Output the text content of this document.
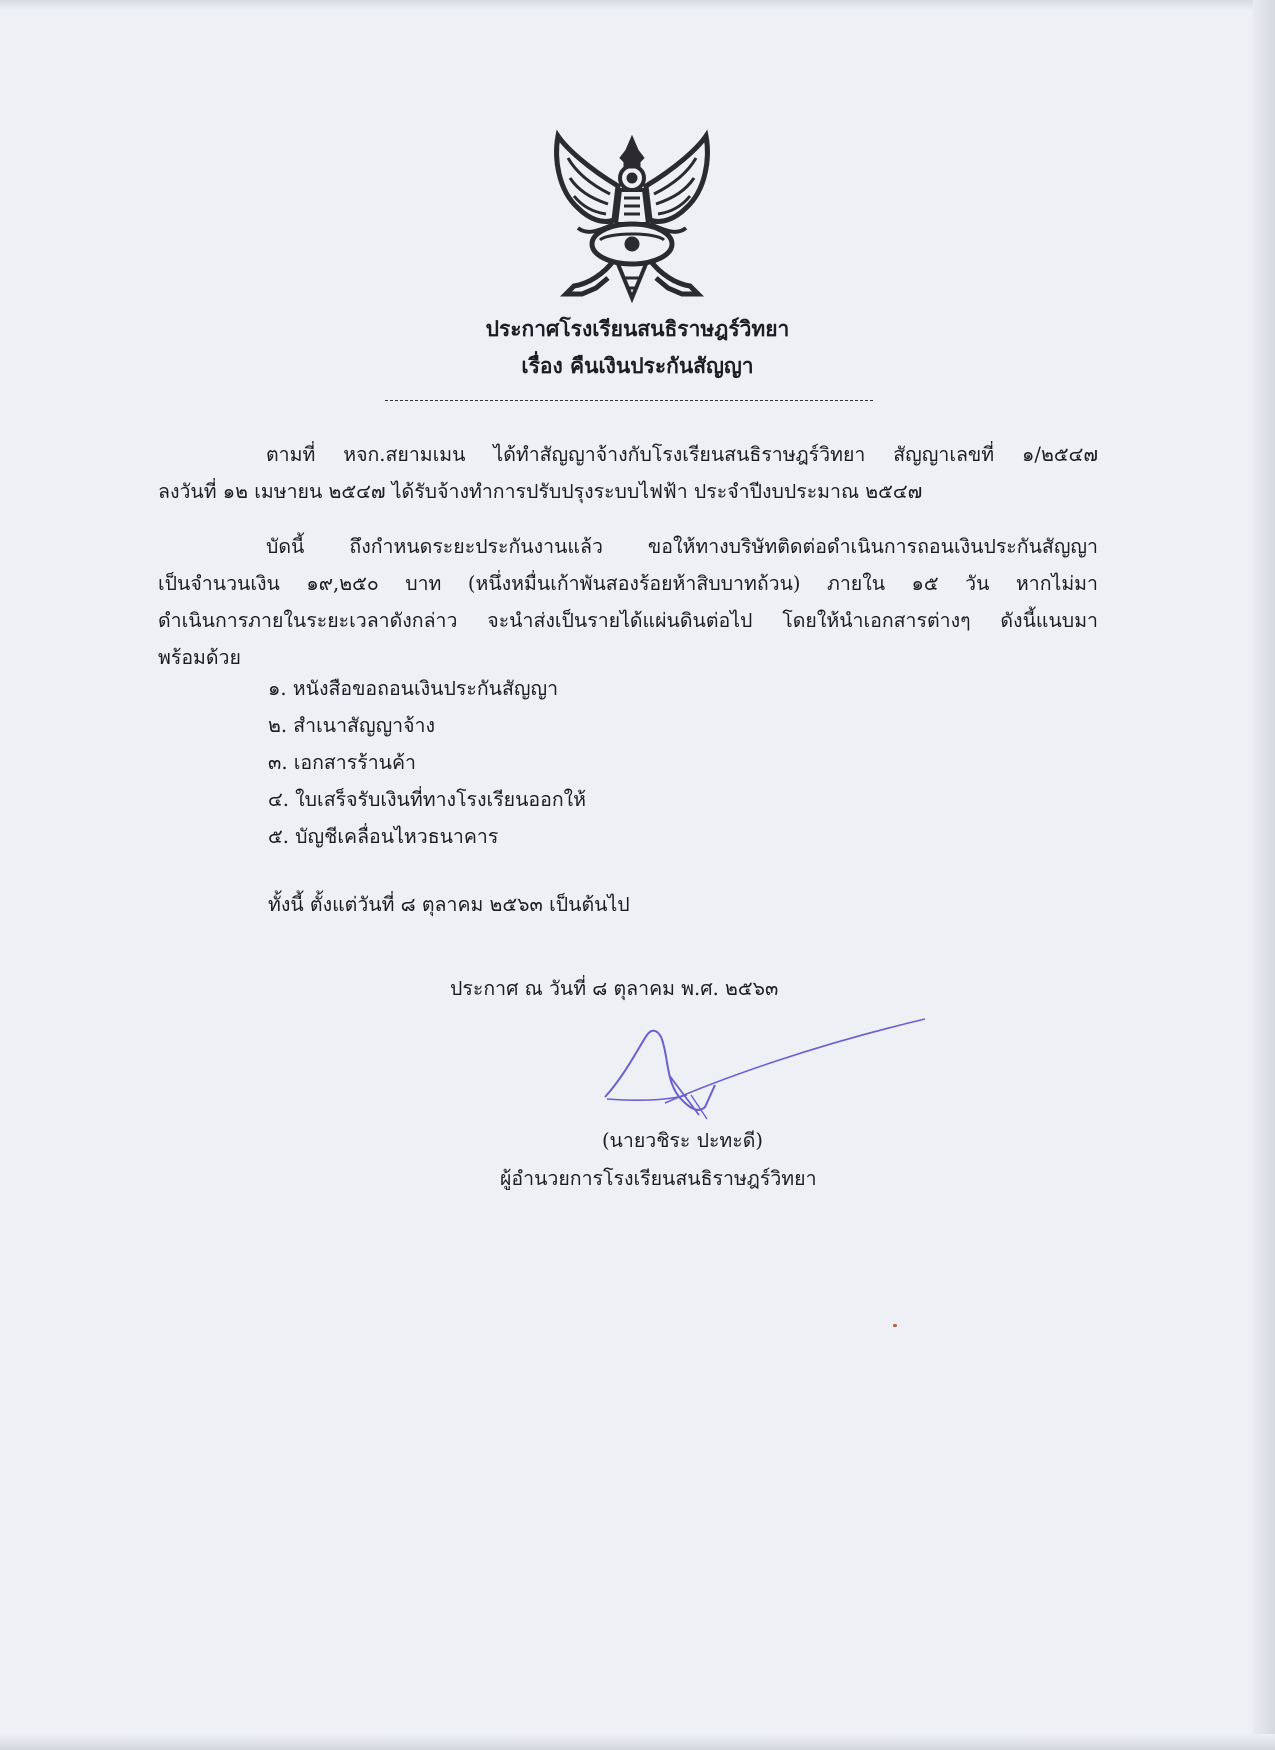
ประกาศโรงเรียนสนธิราษฎร์วิทยา
เรื่อง คืนเงินประกันสัญญา
ตามที่ หจก.สยามเมน ได้ทำสัญญาจ้างกับโรงเรียนสนธิราษฎร์วิทยา สัญญาเลขที่ ๑/๒๕๔๗
ลงวันที่ ๑๒ เมษายน ๒๕๔๗ ได้รับจ้างทำการปรับปรุงระบบไฟฟ้า ประจำปีงบประมาณ ๒๕๔๗
บัดนี้ ถึงกำหนดระยะประกันงานแล้ว ขอให้ทางบริษัทติดต่อดำเนินการถอนเงินประกันสัญญา
เป็นจำนวนเงิน ๑๙,๒๕๐ บาท (หนึ่งหมื่นเก้าพันสองร้อยห้าสิบบาทถ้วน) ภายใน ๑๕ วัน หากไม่มา
ดำเนินการภายในระยะเวลาดังกล่าว จะนำส่งเป็นรายได้แผ่นดินต่อไป โดยให้นำเอกสารต่างๆ ดังนี้แนบมา
พร้อมด้วย
๑. หนังสือขอถอนเงินประกันสัญญา
๒. สำเนาสัญญาจ้าง
๓. เอกสารร้านค้า
๔. ใบเสร็จรับเงินที่ทางโรงเรียนออกให้
๕. บัญชีเคลื่อนไหวธนาคาร
ทั้งนี้ ตั้งแต่วันที่ ๘ ตุลาคม ๒๕๖๓ เป็นต้นไป
ประกาศ ณ วันที่ ๘ ตุลาคม พ.ศ. ๒๕๖๓
(นายวชิระ ปะทะดี)
ผู้อำนวยการโรงเรียนสนธิราษฎร์วิทยา
